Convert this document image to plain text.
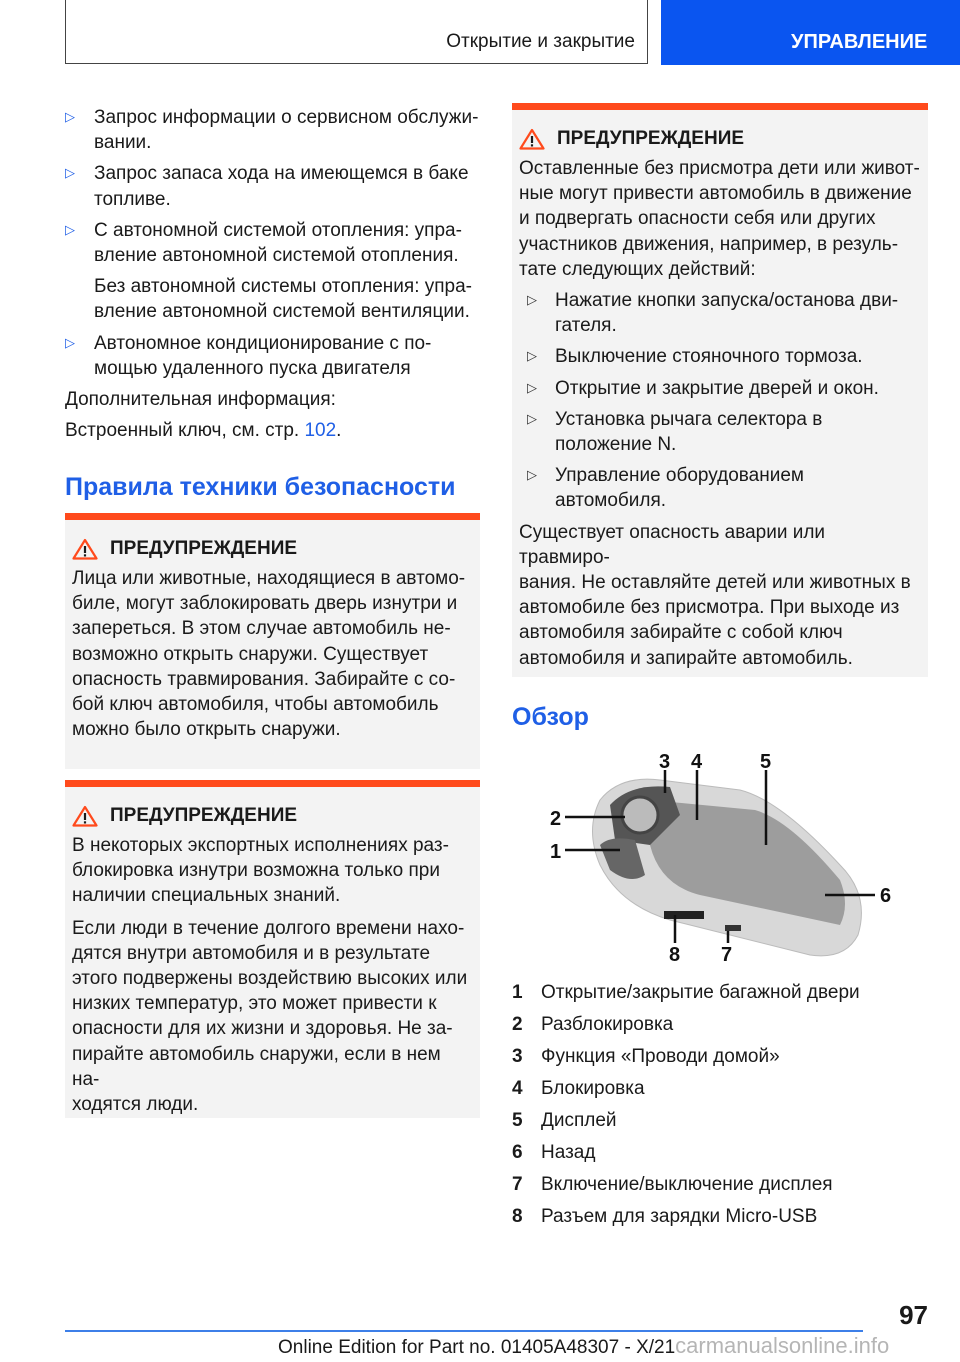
Открытие и закрытие	УПРАВЛЕНИЕ
▷	Запрос информации о сервисном обслужи-
вании.
▷	Запрос запаса хода на имеющемся в баке
топливе.
▷	С автономной системой отопления: упра-
вление автономной системой отопления.
Без автономной системы отопления: упра-
вление автономной системой вентиляции.
▷	Автономное кондиционирование с по-
мощью удаленного пуска двигателя
Дополнительная информация:
Встроенный ключ, см. стр. 102.
Правила техники безопасности
ПРЕДУПРЕЖДЕНИЕ
Лица или животные, находящиеся в автомо-
биле, могут заблокировать дверь изнутри и
запереться. В этом случае автомобиль не-
возможно открыть снаружи. Существует
опасность травмирования. Забирайте с со-
бой ключ автомобиля, чтобы автомобиль
можно было открыть снаружи.
ПРЕДУПРЕЖДЕНИЕ
В некоторых экспортных исполнениях раз-
блокировка изнутри возможна только при
наличии специальных знаний.
Если люди в течение долгого времени нахо-
дятся внутри автомобиля и в результате
этого подвержены воздействию высоких или
низких температур, это может привести к
опасности для их жизни и здоровья. Не за-
пирайте автомобиль снаружи, если в нем на-
ходятся люди.
ПРЕДУПРЕЖДЕНИЕ
Оставленные без присмотра дети или живот-
ные могут привести автомобиль в движение
и подвергать опасности себя или других
участников движения, например, в резуль-
тате следующих действий:
▷ Нажатие кнопки запуска/останова дви-
гателя.
▷ Выключение стояночного тормоза.
▷ Открытие и закрытие дверей и окон.
▷ Установка рычага селектора в
положение N.
▷ Управление оборудованием
автомобиля.
Существует опасность аварии или травмиро-
вания. Не оставляйте детей или животных в
автомобиле без присмотра. При выходе из
автомобиля забирайте с собой ключ
автомобиля и запирайте автомобиль.
Обзор
2
1
3 4	5
6
7
8
1 Открытие/закрытие багажной двери
2 Разблокировка
3 Функция «Проводи домой»
4 Блокировка
5 Дисплей
6 Назад
7 Включение/выключение дисплея
8 Разъем для зарядки Micro-USB
97
Online Edition for Part no. 01405A48307 - X/21carmanualsonline.info
